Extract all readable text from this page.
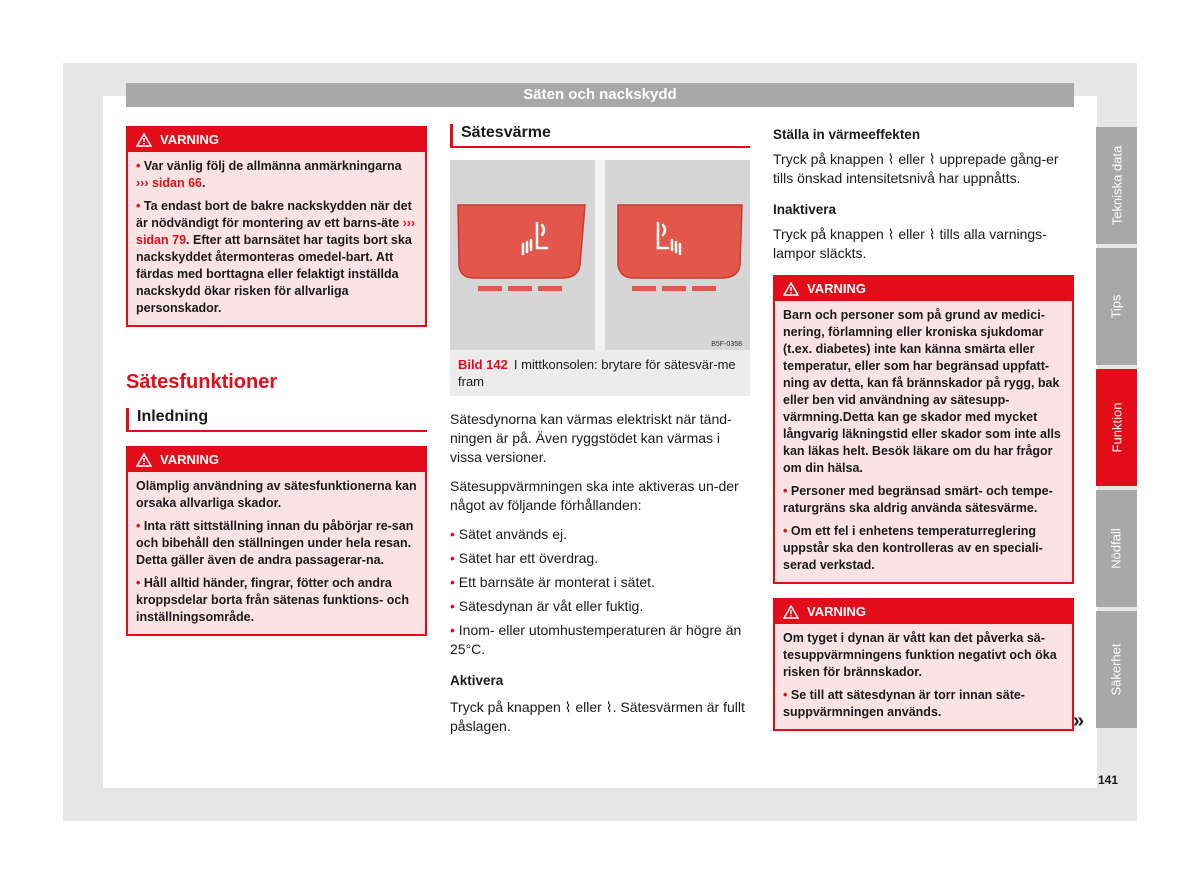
Säten och nackskydd
VARNING

• Var vänlig följ de allmänna anmärkningarna ››› sidan 66.

• Ta endast bort de bakre nackskydden när det är nödvändigt för montering av ett barns-äte ››› sidan 79. Efter att barnsätet har tagits bort ska nackskyddet återmonteras omedel-bart. Att färdas med borttagna eller felaktigt inställda nackskydd ökar risken för allvarliga personskador.

Sätesfunktioner
Inledning
VARNING

Olämplig användning av sätesfunktionerna kan orsaka allvarliga skador.

• Inta rätt sittställning innan du påbörjar re-san och bibehåll den ställningen under hela resan. Detta gäller även de andra passagerar-na.

• Håll alltid händer, fingrar, fötter och andra kroppsdelar borta från sätenas funktions- och inställningsområde.

Sätesvärme
B5F-0358
Bild 142 I mittkonsolen: brytare för sätesvär-me fram

Sätesdynorna kan värmas elektriskt när tänd-ningen är på. Även ryggstödet kan värmas i vissa versioner.

Sätesuppvärmningen ska inte aktiveras un-der något av följande förhållanden:

• Sätet används ej.
• Sätet har ett överdrag.
• Ett barnsäte är monterat i sätet.
• Sätesdynan är våt eller fuktig.
• Inom- eller utomhustemperaturen är högre än 25°C.
Aktivera

Tryck på knappen ⌇ eller ⌇. Sätesvärmen är fullt påslagen.

Ställa in värmeeffekten

Tryck på knappen ⌇ eller ⌇ upprepade gång-er tills önskad intensitetsnivå har uppnåtts.

Inaktivera

Tryck på knappen ⌇ eller ⌇ tills alla varnings-lampor släckts.

VARNING

Barn och personer som på grund av medici-nering, förlamning eller kroniska sjukdomar (t.ex. diabetes) inte kan känna smärta eller temperatur, eller som har begränsad uppfatt-ning av detta, kan få brännskador på rygg, bak eller ben vid användning av sätesupp-värmning.Detta kan ge skador med mycket långvarig läkningstid eller skador som inte alls kan läkas helt. Besök läkare om du har frågor om din hälsa.

• Personer med begränsad smärt- och tempe-raturgräns ska aldrig använda sätesvärme.

• Om ett fel i enhetens temperaturreglering uppstår ska den kontrolleras av en speciali-serad verkstad.

VARNING

Om tyget i dynan är vått kan det påverka sä-tesuppvärmningens funktion negativt och öka risken för brännskador.

• Se till att sätesdynan är torr innan säte-suppvärmningen används.

Tekniska data
Tips
Funktion
Nödfall
Säkerhet
»
141
